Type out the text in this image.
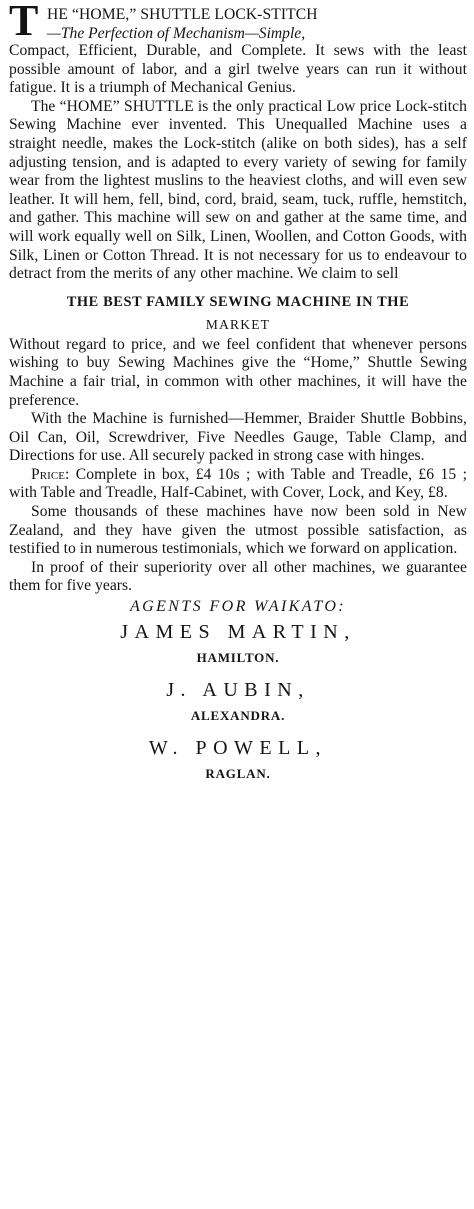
T HE “HOME,” SHUTTLE LOCK-STITCH
—The Perfection of Mechanism—Simple,

Compact, Efficient, Durable, and Complete. It sews with the least possible amount of labor, and a girl twelve years can run it without fatigue. It is a triumph of Mechanical Genius.

The “HOME” SHUTTLE is the only practical Low price Lock-stitch Sewing Machine ever invented. This Unequalled Machine uses a straight needle, makes the Lock-stitch (alike on both sides), has a self adjusting tension, and is adapted to every variety of sewing for family wear from the lightest muslins to the heaviest cloths, and will even sew leather. It will hem, fell, bind, cord, braid, seam, tuck, ruffle, hemstitch, and gather. This machine will sew on and gather at the same time, and will work equally well on Silk, Linen, Woollen, and Cotton Goods, with Silk, Linen or Cotton Thread. It is not necessary for us to endeavour to detract from the merits of any other machine. We claim to sell

THE BEST FAMILY SEWING MACHINE IN THE

MARKET

Without regard to price, and we feel confident that whenever persons wishing to buy Sewing Machines give the “Home,” Shuttle Sewing Machine a fair trial, in common with other machines, it will have the preference.

With the Machine is furnished—Hemmer, Braider Shuttle Bobbins, Oil Can, Oil, Screwdriver, Five Needles Gauge, Table Clamp, and Directions for use. All securely packed in strong case with hinges.

Price: Complete in box, £4 10s ; with Table and Treadle, £6 15 ; with Table and Treadle, Half-Cabinet, with Cover, Lock, and Key, £8.

Some thousands of these machines have now been sold in New Zealand, and they have given the utmost possible satisfaction, as testified to in numerous testimonials, which we forward on application.

In proof of their superiority over all other machines, we guarantee them for five years.

AGENTS FOR WAIKATO:

JAMES MARTIN,

HAMILTON.

J. AUBIN,

ALEXANDRA.

W. POWELL,

RAGLAN.
